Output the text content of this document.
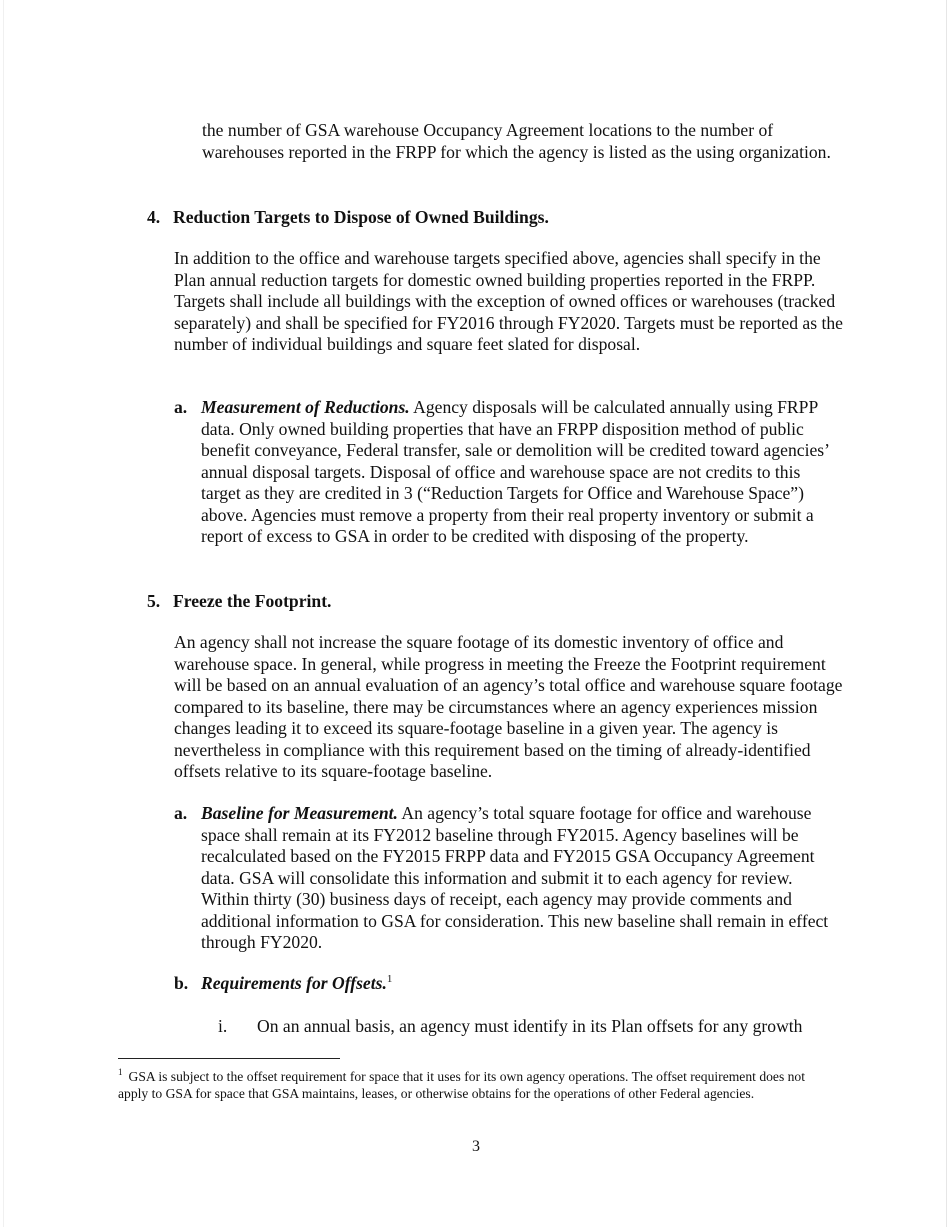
the number of GSA warehouse Occupancy Agreement locations to the number of warehouses reported in the FRPP for which the agency is listed as the using organization.

4. Reduction Targets to Dispose of Owned Buildings.

In addition to the office and warehouse targets specified above, agencies shall specify in the Plan annual reduction targets for domestic owned building properties reported in the FRPP. Targets shall include all buildings with the exception of owned offices or warehouses (tracked separately) and shall be specified for FY2016 through FY2020. Targets must be reported as the number of individual buildings and square feet slated for disposal.

a. Measurement of Reductions. Agency disposals will be calculated annually using FRPP data. Only owned building properties that have an FRPP disposition method of public benefit conveyance, Federal transfer, sale or demolition will be credited toward agencies’ annual disposal targets. Disposal of office and warehouse space are not credits to this target as they are credited in 3 (“Reduction Targets for Office and Warehouse Space”) above. Agencies must remove a property from their real property inventory or submit a report of excess to GSA in order to be credited with disposing of the property.

5. Freeze the Footprint.

An agency shall not increase the square footage of its domestic inventory of office and warehouse space. In general, while progress in meeting the Freeze the Footprint requirement will be based on an annual evaluation of an agency’s total office and warehouse square footage compared to its baseline, there may be circumstances where an agency experiences mission changes leading it to exceed its square-footage baseline in a given year. The agency is nevertheless in compliance with this requirement based on the timing of already-identified offsets relative to its square-footage baseline.

a. Baseline for Measurement. An agency’s total square footage for office and warehouse space shall remain at its FY2012 baseline through FY2015. Agency baselines will be recalculated based on the FY2015 FRPP data and FY2015 GSA Occupancy Agreement data. GSA will consolidate this information and submit it to each agency for review. Within thirty (30) business days of receipt, each agency may provide comments and additional information to GSA for consideration. This new baseline shall remain in effect through FY2020.

b. Requirements for Offsets.$^1$

i. On an annual basis, an agency must identify in its Plan offsets for any growth

$^1$ GSA is subject to the offset requirement for space that it uses for its own agency operations. The offset requirement does not apply to GSA for space that GSA maintains, leases, or otherwise obtains for the operations of other Federal agencies.

3
